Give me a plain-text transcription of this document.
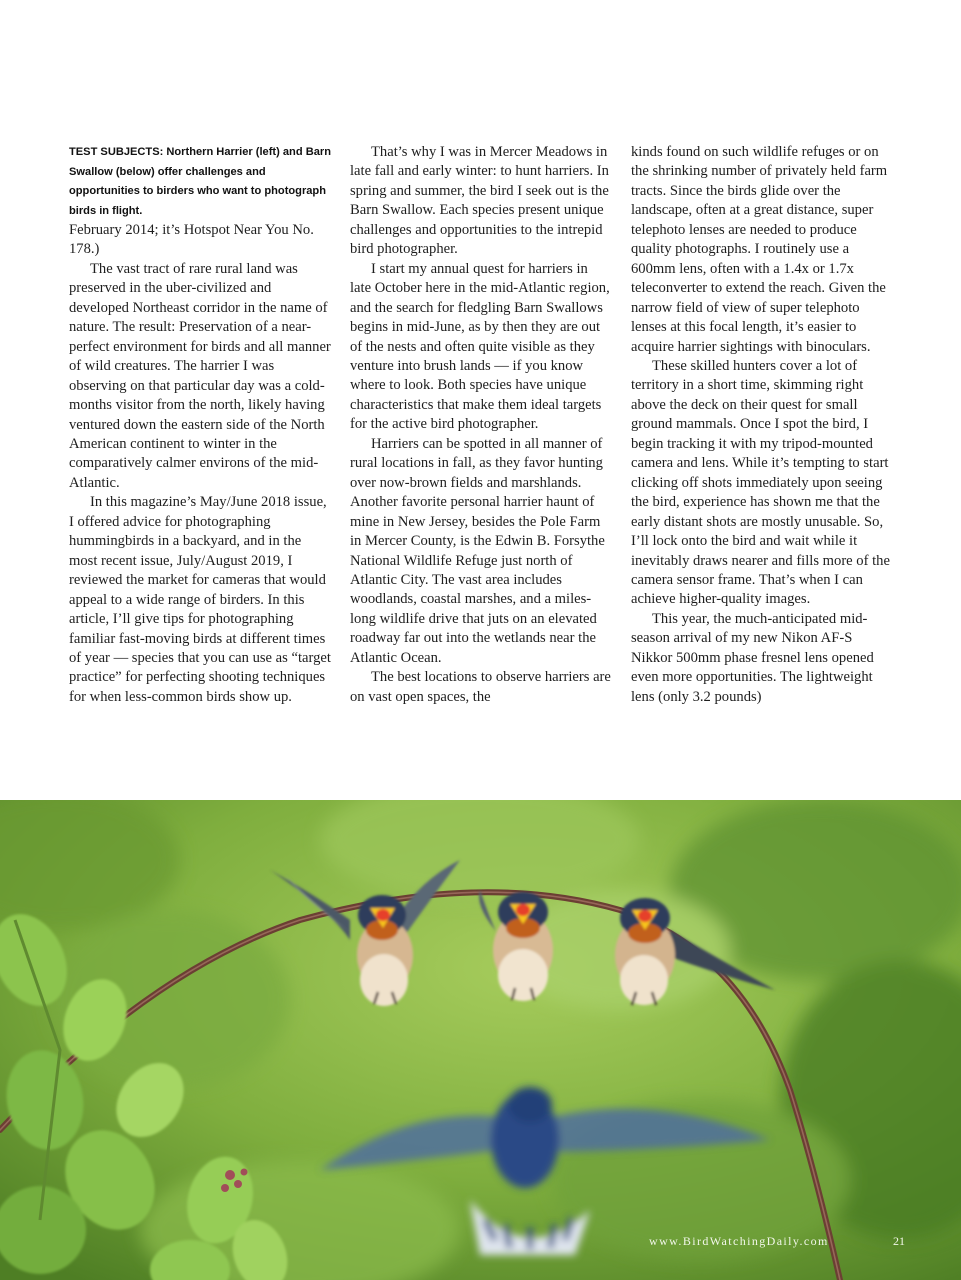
TEST SUBJECTS: Northern Harrier (left) and Barn Swallow (below) offer challenges and opportunities to birders who want to photograph birds in flight.

February 2014; it’s Hotspot Near You No. 178.)

The vast tract of rare rural land was preserved in the uber-civilized and developed Northeast corridor in the name of nature. The result: Preservation of a near-perfect environment for birds and all manner of wild creatures. The harrier I was observing on that particular day was a cold-months visitor from the north, likely having ventured down the eastern side of the North American continent to winter in the comparatively calmer environs of the mid-Atlantic.

In this magazine’s May/June 2018 issue, I offered advice for photographing hummingbirds in a backyard, and in the most recent issue, July/August 2019, I reviewed the market for cameras that would appeal to a wide range of birders. In this article, I’ll give tips for photographing familiar fast-moving birds at different times of year — species that you can use as “target practice” for perfecting shooting techniques for when less-common birds show up.

That’s why I was in Mercer Meadows in late fall and early winter: to hunt harriers. In spring and summer, the bird I seek out is the Barn Swallow. Each species present unique challenges and opportunities to the intrepid bird photographer.

I start my annual quest for harriers in late October here in the mid-Atlantic region, and the search for fledgling Barn Swallows begins in mid-June, as by then they are out of the nests and often quite visible as they venture into brush lands — if you know where to look. Both species have unique characteristics that make them ideal targets for the active bird photographer.

Harriers can be spotted in all manner of rural locations in fall, as they favor hunting over now-brown fields and marshlands. Another favorite personal harrier haunt of mine in New Jersey, besides the Pole Farm in Mercer County, is the Edwin B. Forsythe National Wildlife Refuge just north of Atlantic City. The vast area includes woodlands, coastal marshes, and a miles-long wildlife drive that juts on an elevated roadway far out into the wetlands near the Atlantic Ocean.

The best locations to observe harriers are on vast open spaces, the

kinds found on such wildlife refuges or on the shrinking number of privately held farm tracts. Since the birds glide over the landscape, often at a great distance, super telephoto lenses are needed to produce quality photographs. I routinely use a 600mm lens, often with a 1.4x or 1.7x teleconverter to extend the reach. Given the narrow field of view of super telephoto lenses at this focal length, it’s easier to acquire harrier sightings with binoculars.

These skilled hunters cover a lot of territory in a short time, skimming right above the deck on their quest for small ground mammals. Once I spot the bird, I begin tracking it with my tripod-mounted camera and lens. While it’s tempting to start clicking off shots immediately upon seeing the bird, experience has shown me that the early distant shots are mostly unusable. So, I’ll lock onto the bird and wait while it inevitably draws nearer and fills more of the camera sensor frame. That’s when I can achieve higher-quality images.

This year, the much-anticipated mid-season arrival of my new Nikon AF-S Nikkor 500mm phase fresnel lens opened even more opportunities. The lightweight lens (only 3.2 pounds)

www.BirdWatchingDaily.com	21
